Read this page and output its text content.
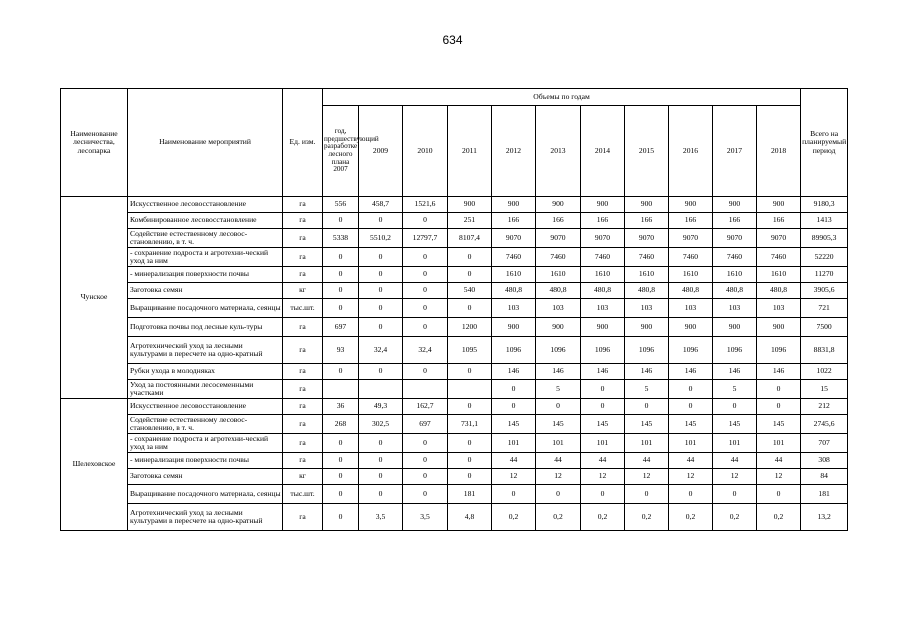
634
Наименование лесничества, лесопарка	Наименование мероприятий	Ед. изм.	Объемы по годам											Всего на планируемый период
			год, предшествующий разработке лесного плана 2007	2009	2010	2011	2012	2013	2014	2015	2016	2017	2018	
Чунское	Искусственное лесовосстановление	га	556	458,7	1521,6	900	900	900	900	900	900	900	900	9180,3
	Комбинированное лесовосстановление	га	0	0	0	251	166	166	166	166	166	166	166	1413
	Содействие естественному лесовос-становлению, в т. ч.	га	5338	5510,2	12797,7	8107,4	9070	9070	9070	9070	9070	9070	9070	89905,3
	- сохранение подроста и агротехни-ческий уход за ним	га	0	0	0	0	7460	7460	7460	7460	7460	7460	7460	52220
	- минерализация поверхности почвы	га	0	0	0	0	1610	1610	1610	1610	1610	1610	1610	11270
	Заготовка семян	кг	0	0	0	540	480,8	480,8	480,8	480,8	480,8	480,8	480,8	3905,6
	Выращивание посадочного материала, сеянцы	тыс.шт.	0	0	0	0	103	103	103	103	103	103	103	721
	Подготовка почвы под лесные куль-туры	га	697	0	0	1200	900	900	900	900	900	900	900	7500
	Агротехнический уход за лесными культурами в пересчете на одно-кратный	га	93	32,4	32,4	1095	1096	1096	1096	1096	1096	1096	1096	8831,8
	Рубки ухода в молодняках	га	0	0	0	0	146	146	146	146	146	146	146	1022
	Уход за постоянными лесосеменными участками	га					0	5	0	5	0	5	0	15
Шелеховское	Искусственное лесовосстановление	га	36	49,3	162,7	0	0	0	0	0	0	0	0	212
	Содействие естественному лесовос-становлению, в т. ч.	га	268	302,5	697	731,1	145	145	145	145	145	145	145	2745,6
	- сохранение подроста и агротехни-ческий уход за ним	га	0	0	0	0	101	101	101	101	101	101	101	707
	- минерализация поверхности почвы	га	0	0	0	0	44	44	44	44	44	44	44	308
	Заготовка семян	кг	0	0	0	0	12	12	12	12	12	12	12	84
	Выращивание посадочного материала, сеянцы	тыс.шт.	0	0	0	181	0	0	0	0	0	0	0	181
	Агротехнический уход за лесными культурами в пересчете на одно-кратный	га	0	3,5	3,5	4,8	0,2	0,2	0,2	0,2	0,2	0,2	0,2	13,2
